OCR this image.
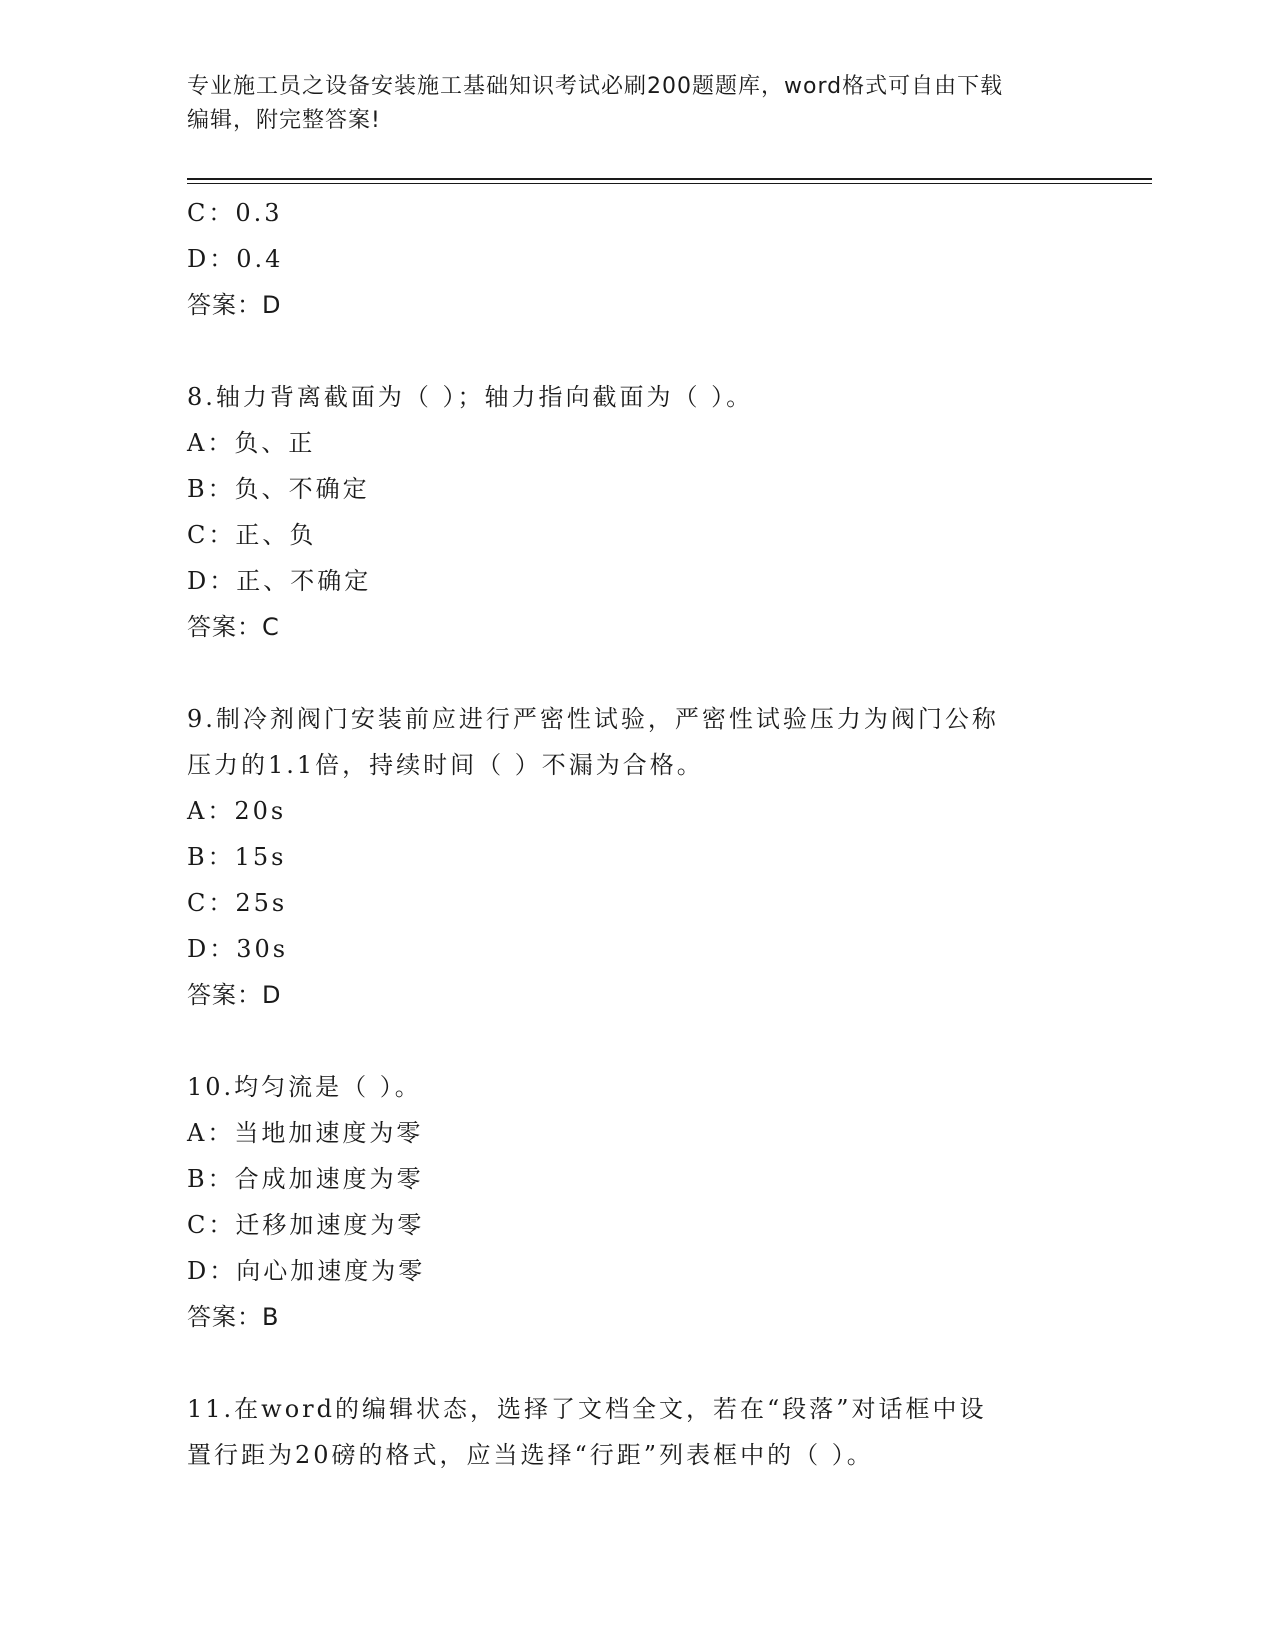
专业施工员之设备安装施工基础知识考试必刷200题题库，word格式可自由下载
编辑，附完整答案!
C：0.3
D：0.4
答案：D
8.轴力背离截面为（ ）；轴力指向截面为（ ）。
A：负、正
B：负、不确定
C：正、负
D：正、不确定
答案：C
9.制冷剂阀门安装前应进行严密性试验，严密性试验压力为阀门公称
压力的1.1倍，持续时间（ ）不漏为合格。
A：20s
B：15s
C：25s
D：30s
答案：D
10.均匀流是（ ）。
A：当地加速度为零
B：合成加速度为零
C：迁移加速度为零
D：向心加速度为零
答案：B
11.在word的编辑状态，选择了文档全文，若在“段落”对话框中设
置行距为20磅的格式，应当选择“行距”列表框中的（ ）。
